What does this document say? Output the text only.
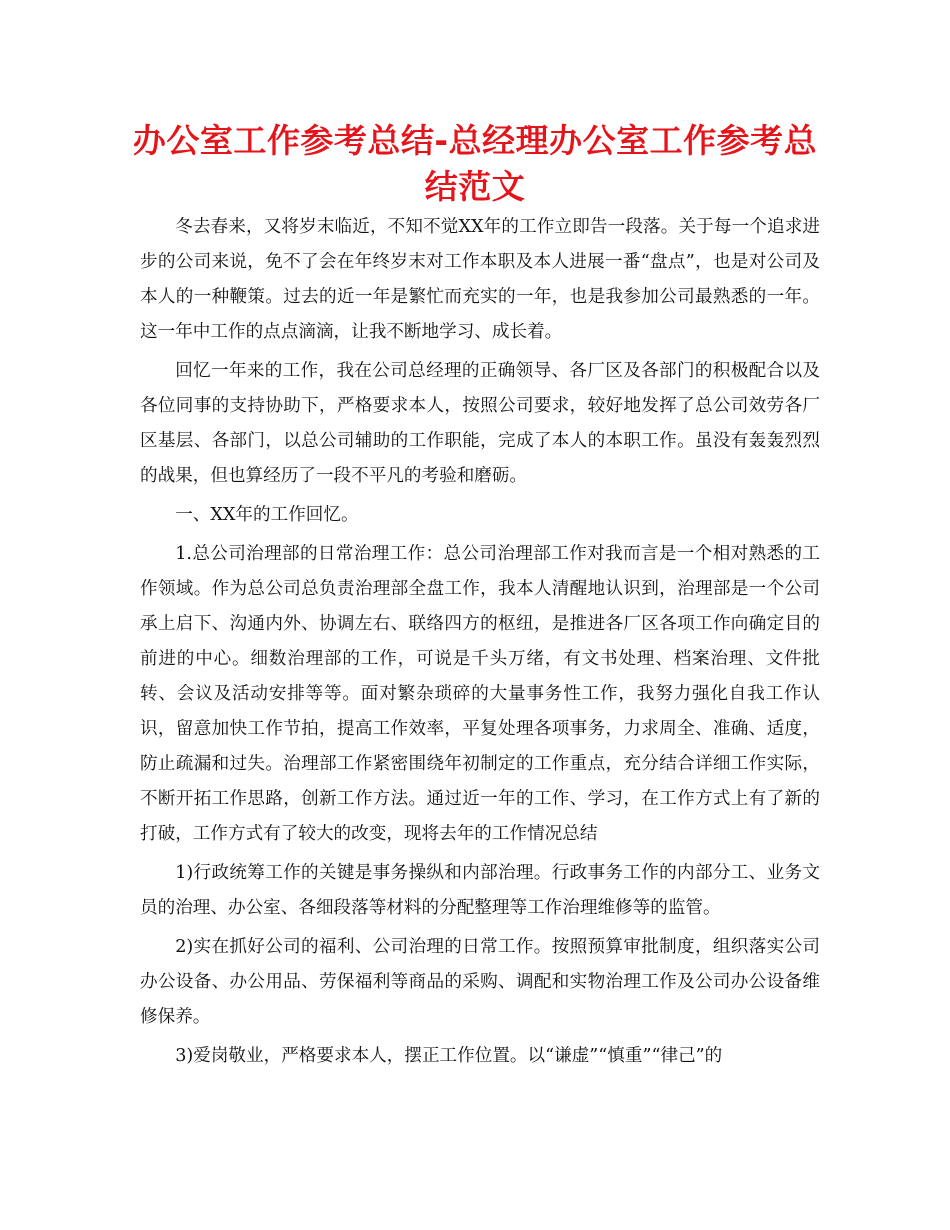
办公室工作参考总结-总经理办公室工作参考总结范文

冬去春来，又将岁末临近，不知不觉XX年的工作立即告一段落。关于每一个追求进步的公司来说，免不了会在年终岁末对工作本职及本人进展一番“盘点”，也是对公司及本人的一种鞭策。过去的近一年是繁忙而充实的一年，也是我参加公司最熟悉的一年。这一年中工作的点点滴滴，让我不断地学习、成长着。

回忆一年来的工作，我在公司总经理的正确领导、各厂区及各部门的积极配合以及各位同事的支持协助下，严格要求本人，按照公司要求，较好地发挥了总公司效劳各厂区基层、各部门，以总公司辅助的工作职能，完成了本人的本职工作。虽没有轰轰烈烈的战果，但也算经历了一段不平凡的考验和磨砺。

一、XX年的工作回忆。

1.总公司治理部的日常治理工作：总公司治理部工作对我而言是一个相对熟悉的工作领域。作为总公司总负责治理部全盘工作，我本人清醒地认识到，治理部是一个公司承上启下、沟通内外、协调左右、联络四方的枢纽，是推进各厂区各项工作向确定目的前进的中心。细数治理部的工作，可说是千头万绪，有文书处理、档案治理、文件批转、会议及活动安排等等。面对繁杂琐碎的大量事务性工作，我努力强化自我工作认识，留意加快工作节拍，提高工作效率，平复处理各项事务，力求周全、准确、适度，防止疏漏和过失。治理部工作紧密围绕年初制定的工作重点，充分结合详细工作实际，不断开拓工作思路，创新工作方法。通过近一年的工作、学习，在工作方式上有了新的打破，工作方式有了较大的改变，现将去年的工作情况总结

1)行政统筹工作的关键是事务操纵和内部治理。行政事务工作的内部分工、业务文员的治理、办公室、各细段落等材料的分配整理等工作治理维修等的监管。

2)实在抓好公司的福利、公司治理的日常工作。按照预算审批制度，组织落实公司办公设备、办公用品、劳保福利等商品的采购、调配和实物治理工作及公司办公设备维修保养。

3)爱岗敬业，严格要求本人，摆正工作位置。以“谦虚”“慎重”“律己”的
